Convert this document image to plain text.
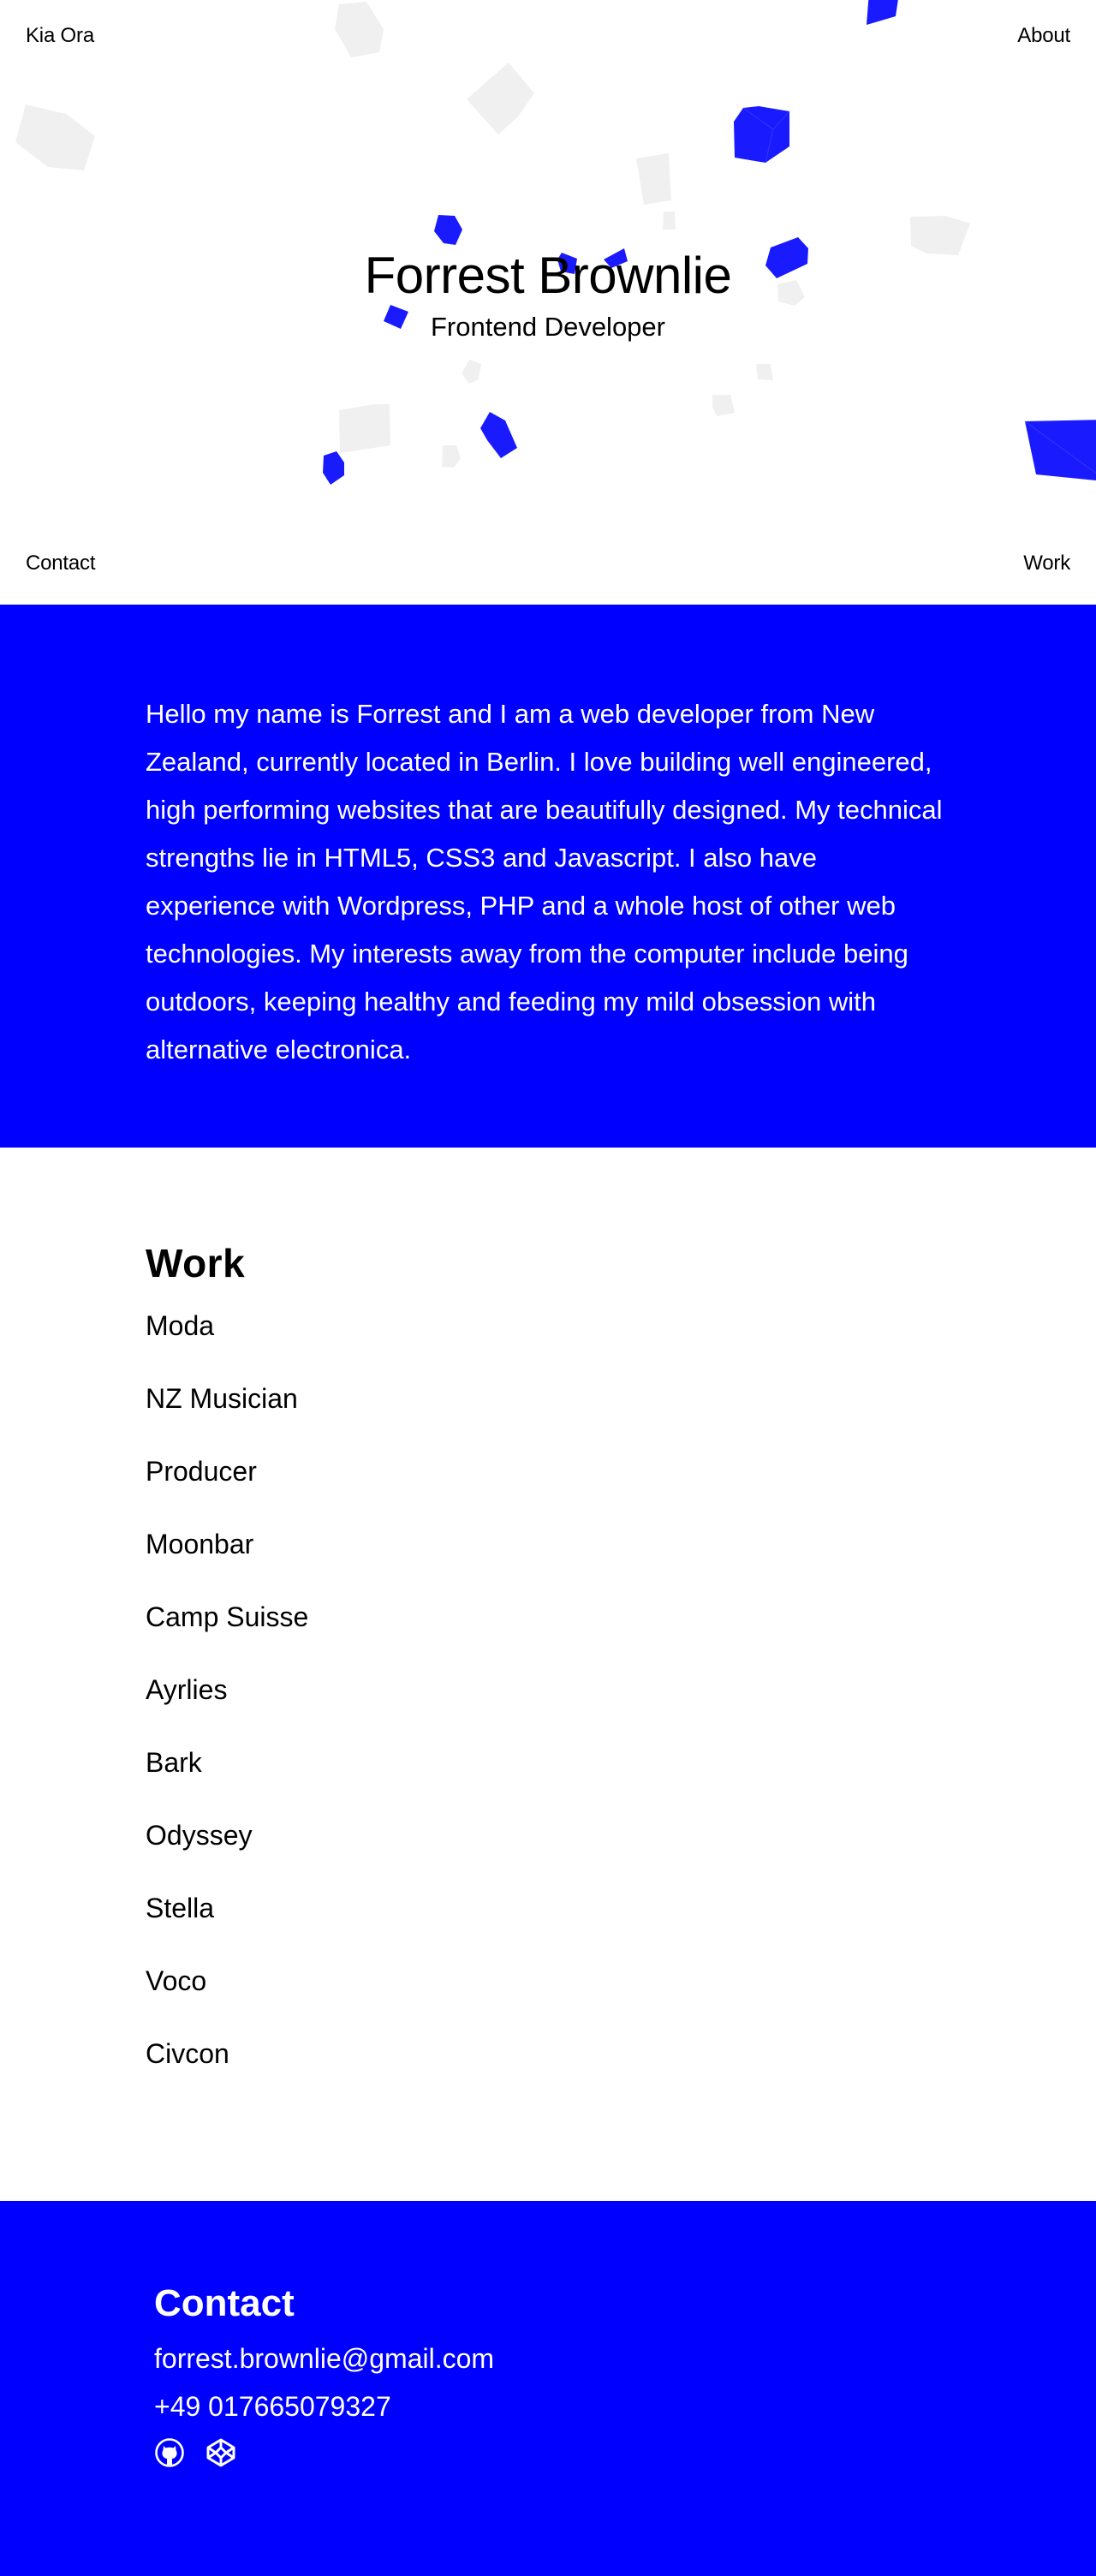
Kia Ora	About
Contact	Work
Forrest Brownlie
Frontend Developer

Hello my name is Forrest and I am a web developer from New Zealand, currently located in Berlin. I love building well engineered, high performing websites that are beautifully designed. My technical strengths lie in HTML5, CSS3 and Javascript. I also have experience with Wordpress, PHP and a whole host of other web technologies. My interests away from the computer include being outdoors, keeping healthy and feeding my mild obsession with alternative electronica.

Work
Moda
NZ Musician
Producer
Moonbar
Camp Suisse
Ayrlies
Bark
Odyssey
Stella
Voco
Civcon
Contact
forrest.brownlie@gmail.com
+49 017665079327
